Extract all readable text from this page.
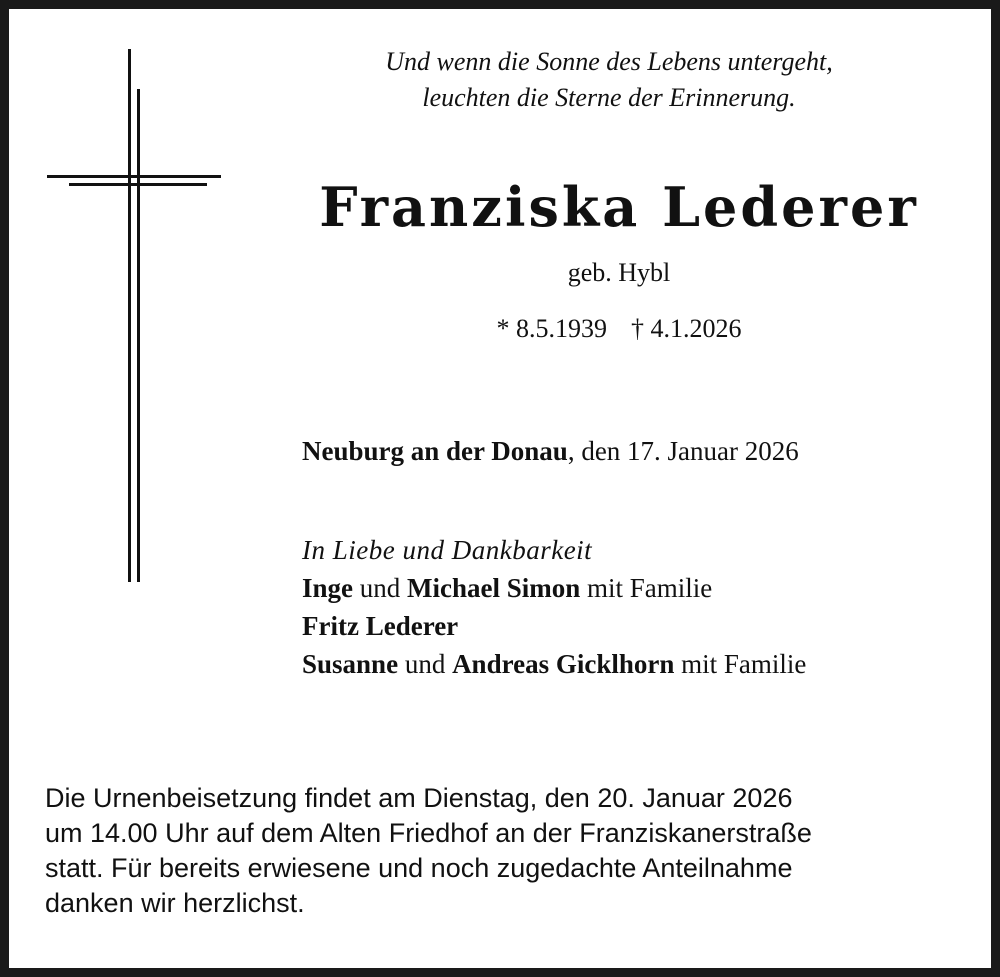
Und wenn die Sonne des Lebens untergeht,
leuchten die Sterne der Erinnerung.
Franziska Lederer
geb. Hybl
* 8.5.1939 † 4.1.2026
Neuburg an der Donau, den 17. Januar 2026
In Liebe und Dankbarkeit
Inge und Michael Simon mit Familie
Fritz Lederer
Susanne und Andreas Gicklhorn mit Familie
Die Urnenbeisetzung findet am Dienstag, den 20. Januar 2026
um 14.00 Uhr auf dem Alten Friedhof an der Franziskanerstraße
statt. Für bereits erwiesene und noch zugedachte Anteilnahme
danken wir herzlichst.
